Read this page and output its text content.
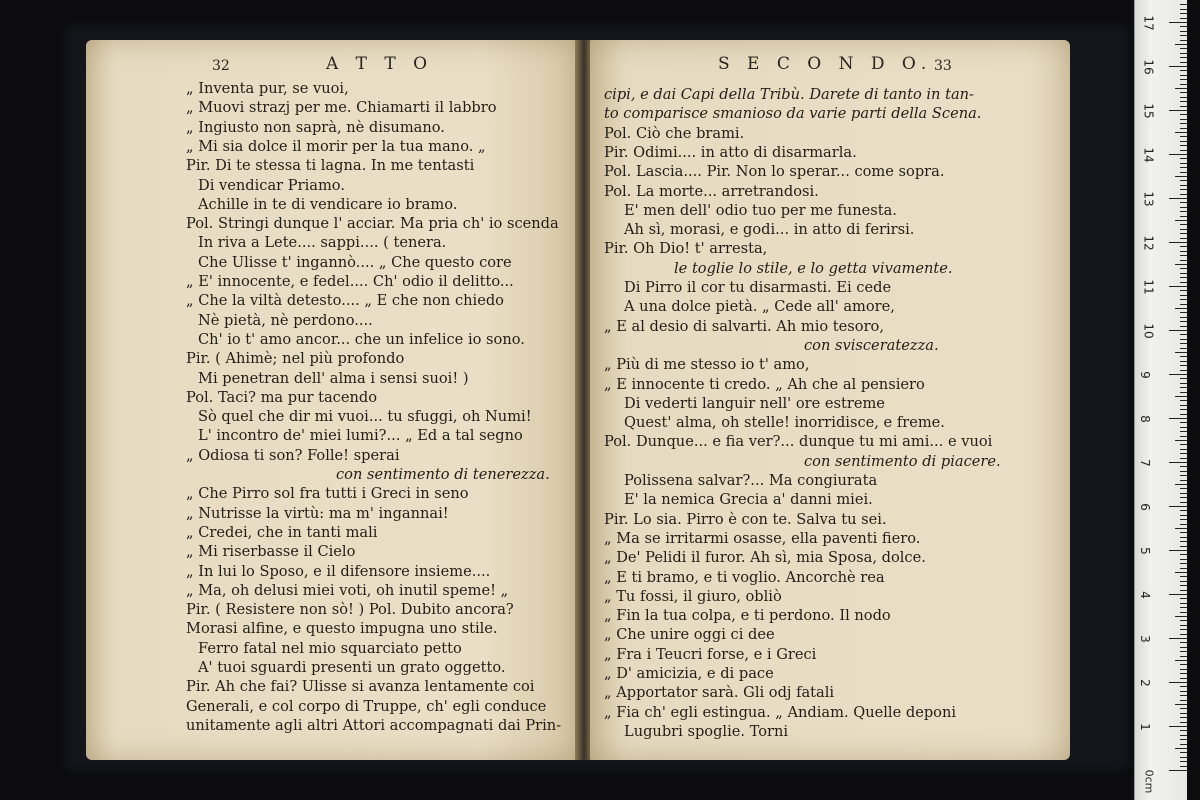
32	A T T O
„ Inventa pur, se vuoi,
„ Muovi strazj per me. Chiamarti il labbro
„ Ingiusto non saprà, nè disumano.
„ Mi sia dolce il morir per la tua mano. „
Pir. Di te stessa ti lagna. In me tentasti
Di vendicar Priamo.
Achille in te di vendicare io bramo.
Pol. Stringi dunque l' acciar. Ma pria ch' io scenda
In riva a Lete.... sappi.... ( tenera.
Che Ulisse t' ingannò.... „ Che questo core
„ E' innocente, e fedel.... Ch' odio il delitto...
„ Che la viltà detesto.... „ E che non chiedo
Nè pietà, nè perdono....
Ch' io t' amo ancor... che un infelice io sono.
Pir. ( Ahimè; nel più profondo
Mi penetran dell' alma i sensi suoi! )
Pol. Taci? ma pur tacendo
Sò quel che dir mi vuoi... tu sfuggi, oh Numi!
L' incontro de' miei lumi?... „ Ed a tal segno
„ Odiosa ti son? Folle! sperai
con sentimento di tenerezza.
„ Che Pirro sol fra tutti i Greci in seno
„ Nutrisse la virtù: ma m' ingannai!
„ Credei, che in tanti mali
„ Mi riserbasse il Cielo
„ In lui lo Sposo, e il difensore insieme....
„ Ma, oh delusi miei voti, oh inutil speme! „
Pir. ( Resistere non sò! ) Pol. Dubito ancora?
Morasi alfine, e questo impugna uno stile.
Ferro fatal nel mio squarciato petto
A' tuoi sguardi presenti un grato oggetto.
Pir. Ah che fai? Ulisse si avanza lentamente coi
Generali, e col corpo di Truppe, ch' egli conduce
unitamente agli altri Attori accompagnati dai Prin-
S E C O N D O. 33
cipi, e dai Capi della Tribù. Darete di tanto in tan-
to comparisce smanioso da varie parti della Scena.
Pol. Ciò che brami.
Pir. Odimi.... in atto di disarmarla.
Pol. Lascia.... Pir. Non lo sperar... come sopra.
Pol. La morte... arretrandosi.
E' men dell' odio tuo per me funesta.
Ah sì, morasi, e godi... in atto di ferirsi.
Pir. Oh Dio! t' arresta,
le toglie lo stile, e lo getta vivamente.
Di Pirro il cor tu disarmasti. Ei cede
A una dolce pietà. „ Cede all' amore,
„ E al desio di salvarti. Ah mio tesoro,
con svisceratezza.
„ Più di me stesso io t' amo,
„ E innocente ti credo. „ Ah che al pensiero
Di vederti languir nell' ore estreme
Quest' alma, oh stelle! inorridisce, e freme.
Pol. Dunque... e fia ver?... dunque tu mi ami... e vuoi
con sentimento di piacere.
Polissena salvar?... Ma congiurata
E' la nemica Grecia a' danni miei.
Pir. Lo sia. Pirro è con te. Salva tu sei.
„ Ma se irritarmi osasse, ella paventi fiero.
„ De' Pelidi il furor. Ah sì, mia Sposa, dolce.
„ E ti bramo, e ti voglio. Ancorchè rea
„ Tu fossi, il giuro, obliò
„ Fin la tua colpa, e ti perdono. Il nodo
„ Che unire oggi ci dee
„ Fra i Teucri forse, e i Greci
„ D' amicizia, e di pace
„ Apportator sarà. Gli odj fatali
„ Fia ch' egli estingua. „ Andiam. Quelle deponi
Lugubri spoglie. Torni
0cm
17
16
15
14
13
12
11
10
9
8
7
6
5
4
3
2
1
